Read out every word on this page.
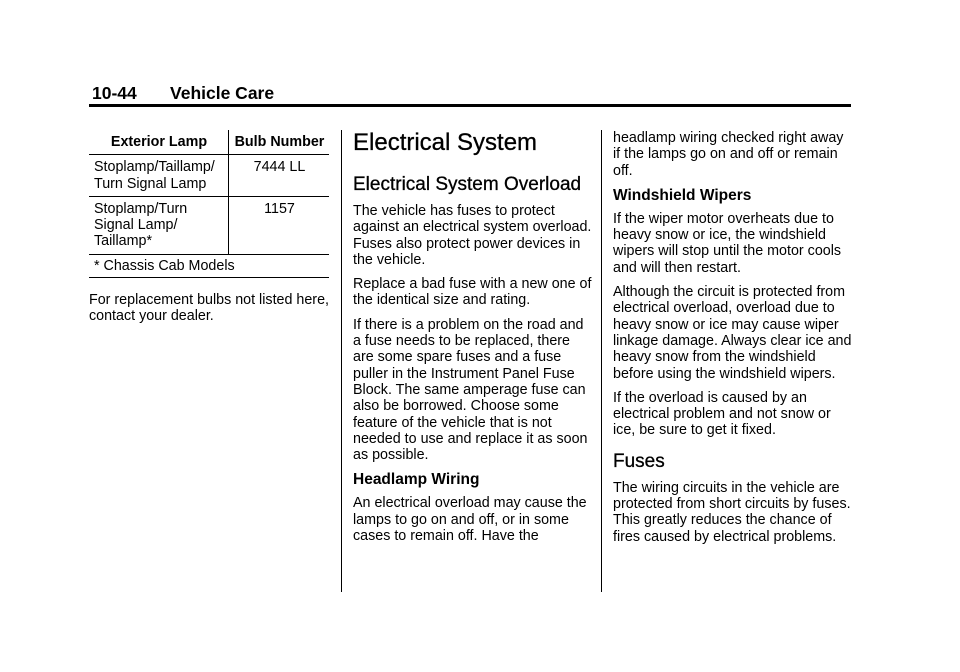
10-44 Vehicle Care
Exterior Lamp	Bulb Number
Stoplamp/Taillamp/ Turn Signal Lamp	7444 LL
Stoplamp/Turn Signal Lamp/ Taillamp*	1157
* Chassis Cab Models	

For replacement bulbs not listed here, contact your dealer.

Electrical System
Electrical System Overload

The vehicle has fuses to protect against an electrical system overload. Fuses also protect power devices in the vehicle.

Replace a bad fuse with a new one of the identical size and rating.

If there is a problem on the road and a fuse needs to be replaced, there are some spare fuses and a fuse puller in the Instrument Panel Fuse Block. The same amperage fuse can also be borrowed. Choose some feature of the vehicle that is not needed to use and replace it as soon as possible.

Headlamp Wiring

An electrical overload may cause the lamps to go on and off, or in some cases to remain off. Have the

headlamp wiring checked right away if the lamps go on and off or remain off.

Windshield Wipers

If the wiper motor overheats due to heavy snow or ice, the windshield wipers will stop until the motor cools and will then restart.

Although the circuit is protected from electrical overload, overload due to heavy snow or ice may cause wiper linkage damage. Always clear ice and heavy snow from the windshield before using the windshield wipers.

If the overload is caused by an electrical problem and not snow or ice, be sure to get it fixed.

Fuses

The wiring circuits in the vehicle are protected from short circuits by fuses. This greatly reduces the chance of fires caused by electrical problems.
